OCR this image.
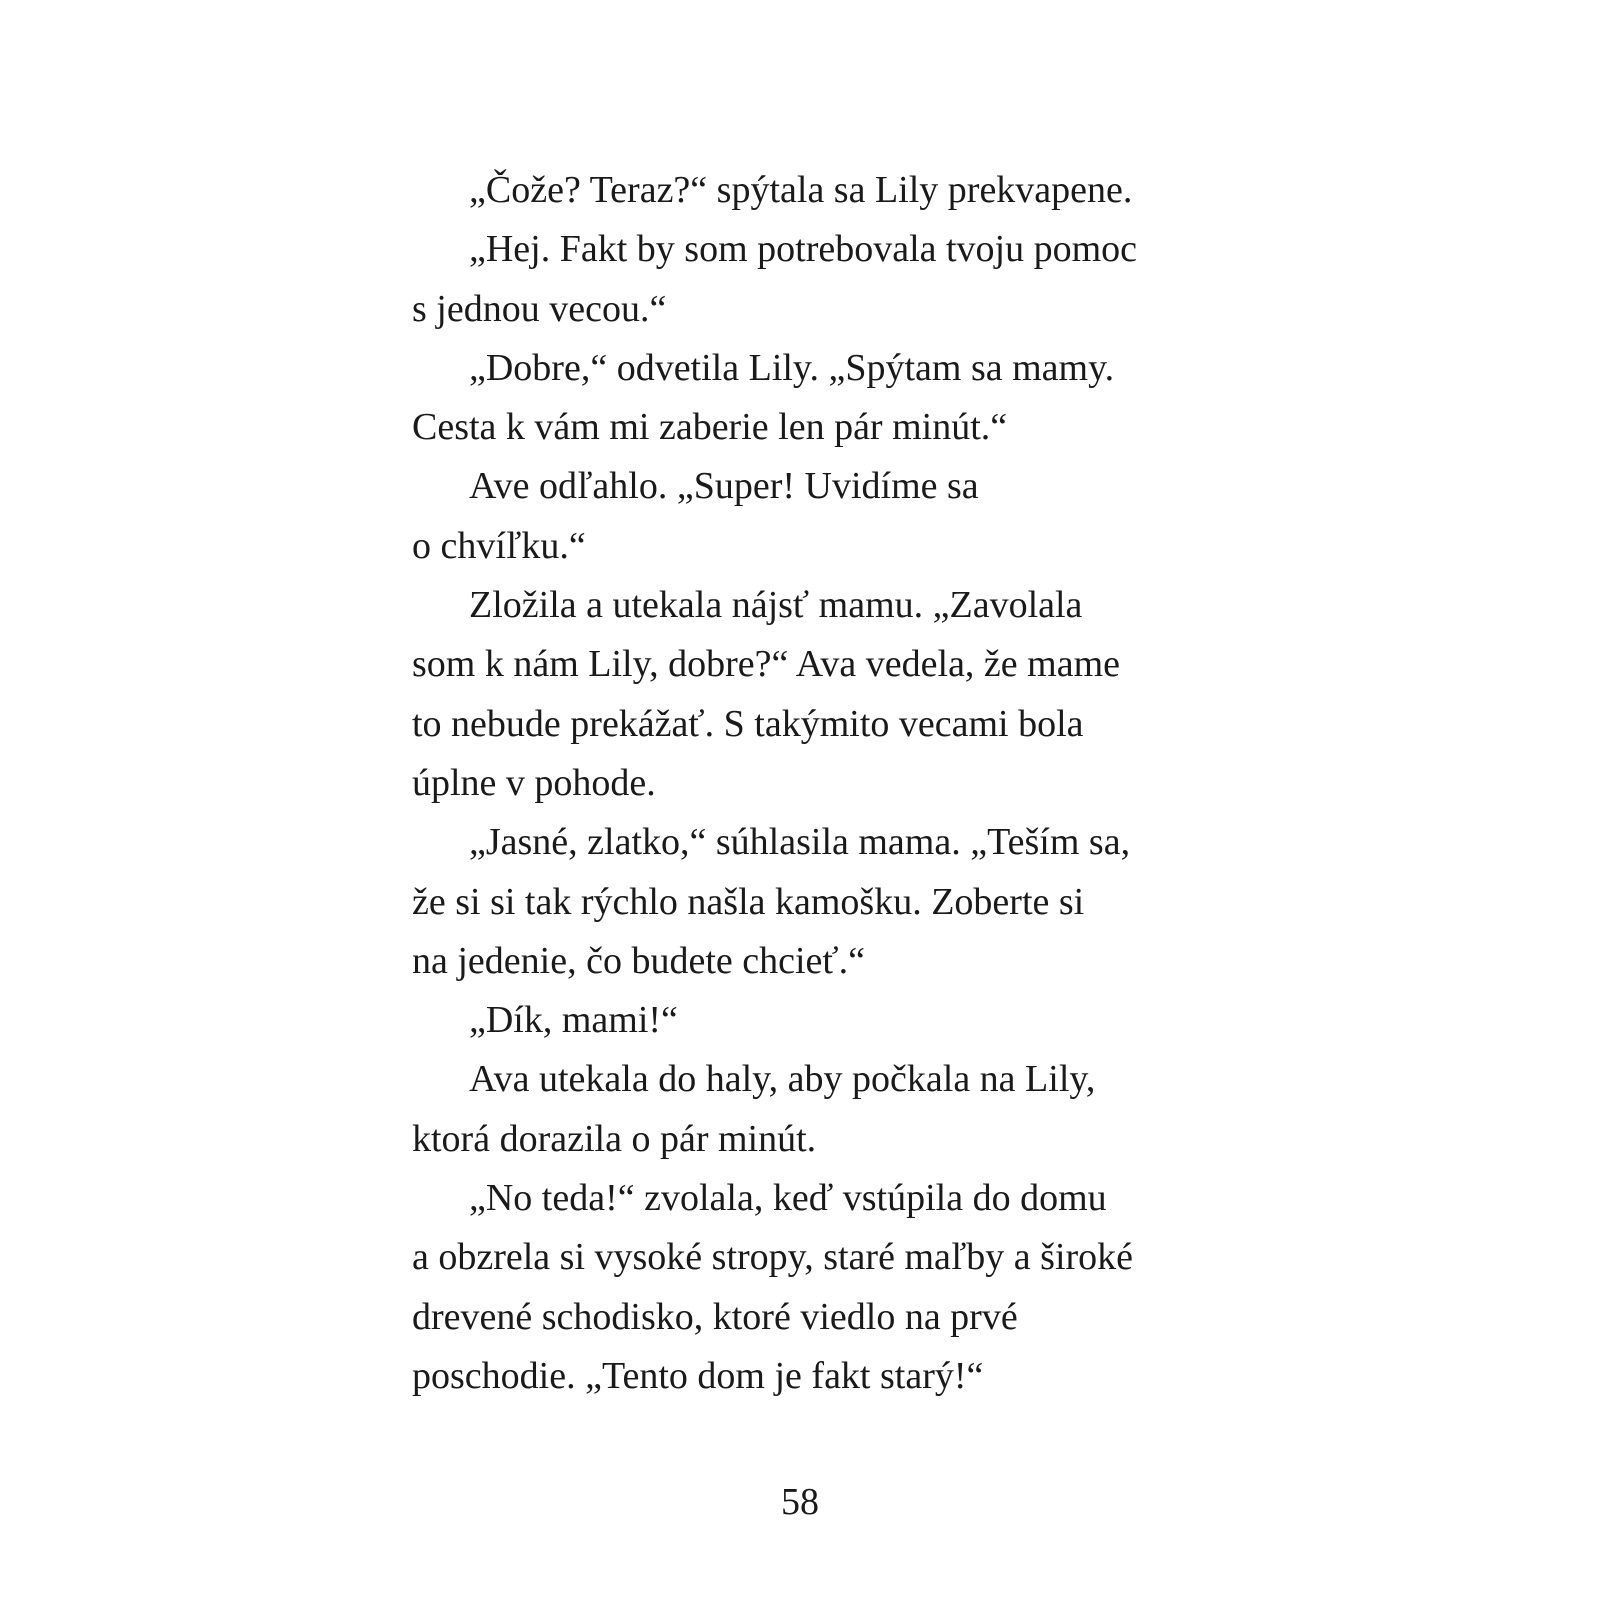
„Čože? Teraz?“ spýtala sa Lily prekvapene.
„Hej. Fakt by som potrebovala tvoju pomoc
s jednou vecou.“
„Dobre,“ odvetila Lily. „Spýtam sa mamy.
Cesta k vám mi zaberie len pár minút.“
Ave odľahlo. „Super! Uvidíme sa
o chvíľku.“
Zložila a utekala nájsť mamu. „Zavolala
som k nám Lily, dobre?“ Ava vedela, že mame
to nebude prekážať. S takýmito vecami bola
úplne v pohode.
„Jasné, zlatko,“ súhlasila mama. „Teším sa,
že si si tak rýchlo našla kamošku. Zoberte si
na jedenie, čo budete chcieť.“
„Dík, mami!“
Ava utekala do haly, aby počkala na Lily,
ktorá dorazila o pár minút.
„No teda!“ zvolala, keď vstúpila do domu
a obzrela si vysoké stropy, staré maľby a široké
drevené schodisko, ktoré viedlo na prvé
poschodie. „Tento dom je fakt starý!“
58
